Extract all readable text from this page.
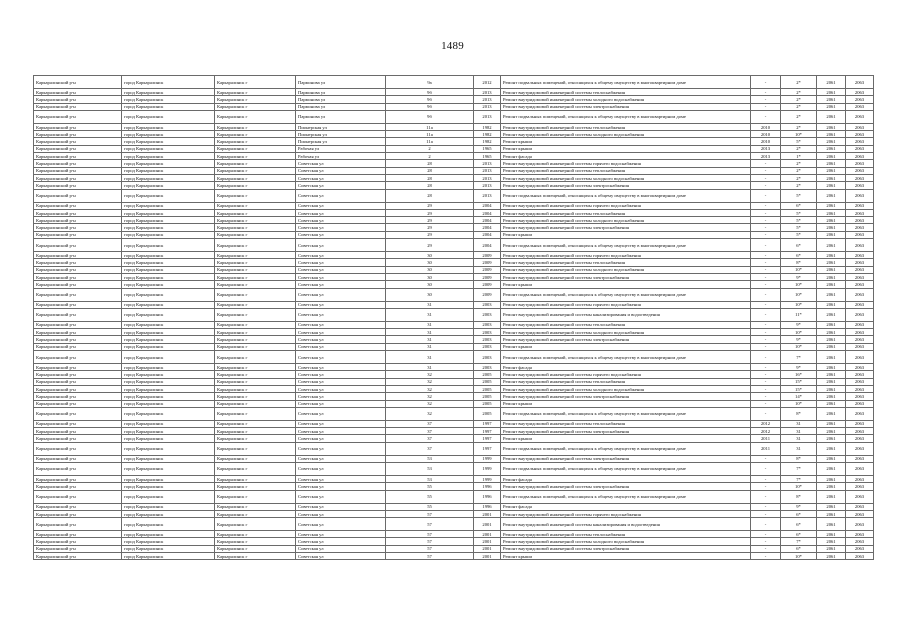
1489
Каркаралинский р-н	город Каркаралинск	Каркаралинск г	Пармонова ул	9а	2012	Ремонт подвальных помещений, относящихся к общему имуществу в многоквартирном доме	-	2*	2061	2063
Каркаралинский р-н	город Каркаралинск	Каркаралинск г	Пармонова ул	9б	2013	Ремонт внутридомовой инженерной системы теплоснабжения	-	2*	2061	2063
Каркаралинский р-н	город Каркаралинск	Каркаралинск г	Пармонова ул	9б	2013	Ремонт внутридомовой инженерной системы холодного водоснабжения	-	2*	2061	2063
Каркаралинский р-н	город Каркаралинск	Каркаралинск г	Пармонова ул	9б	2013	Ремонт внутридомовой инженерной системы электроснабжения	-	2*	2061	2063
Каркаралинский р-н	город Каркаралинск	Каркаралинск г	Пармонова ул	9б	2013	Ремонт подвальных помещений, относящихся к общему имуществу в многоквартирном доме	-	2*	2061	2063
Каркаралинский р-н	город Каркаралинск	Каркаралинск г	Пионерская ул	11а	1982	Ремонт внутридомовой инженерной системы теплоснабжения	2010	2*	2061	2063
Каркаралинский р-н	город Каркаралинск	Каркаралинск г	Пионерская ул	11а	1982	Ремонт внутридомовой инженерной системы холодного водоснабжения	2010	10*	2061	2063
Каркаралинский р-н	город Каркаралинск	Каркаралинск г	Пионерская ул	11а	1982	Ремонт крыши	2010	5*	2061	2063
Каркаралинский р-н	город Каркаралинск	Каркаралинск г	Рабочая ул	2	1965	Ремонт крыши	2013	2*	2061	2063
Каркаралинский р-н	город Каркаралинск	Каркаралинск г	Рабочая ул	2	1965	Ремонт фасада	2013	1*	2061	2063
Каркаралинский р-н	город Каркаралинск	Каркаралинск г	Советская ул	28	2013	Ремонт внутридомовой инженерной системы горячего водоснабжения	-	2*	2061	2063
Каркаралинский р-н	город Каркаралинск	Каркаралинск г	Советская ул	28	2013	Ремонт внутридомовой инженерной системы теплоснабжения	-	2*	2061	2063
Каркаралинский р-н	город Каркаралинск	Каркаралинск г	Советская ул	28	2013	Ремонт внутридомовой инженерной системы холодного водоснабжения	-	2*	2061	2063
Каркаралинский р-н	город Каркаралинск	Каркаралинск г	Советская ул	28	2013	Ремонт внутридомовой инженерной системы электроснабжения	-	2*	2061	2063
Каркаралинский р-н	город Каркаралинск	Каркаралинск г	Советская ул	28	2013	Ремонт подвальных помещений, относящихся к общему имуществу в многоквартирном доме	-	5*	2061	2063
Каркаралинский р-н	город Каркаралинск	Каркаралинск г	Советская ул	29	2004	Ремонт внутридомовой инженерной системы горячего водоснабжения	-	6*	2061	2063
Каркаралинский р-н	город Каркаралинск	Каркаралинск г	Советская ул	29	2004	Ремонт внутридомовой инженерной системы теплоснабжения	-	5*	2061	2063
Каркаралинский р-н	город Каркаралинск	Каркаралинск г	Советская ул	29	2004	Ремонт внутридомовой инженерной системы холодного водоснабжения	-	5*	2061	2063
Каркаралинский р-н	город Каркаралинск	Каркаралинск г	Советская ул	29	2004	Ремонт внутридомовой инженерной системы электроснабжения	-	5*	2061	2063
Каркаралинский р-н	город Каркаралинск	Каркаралинск г	Советская ул	29	2004	Ремонт крыши	-	5*	2061	2063
Каркаралинский р-н	город Каркаралинск	Каркаралинск г	Советская ул	29	2004	Ремонт подвальных помещений, относящихся к общему имуществу в многоквартирном доме	-	6*	2061	2063
Каркаралинский р-н	город Каркаралинск	Каркаралинск г	Советская ул	30	2009	Ремонт внутридомовой инженерной системы горячего водоснабжения	-	6*	2061	2063
Каркаралинский р-н	город Каркаралинск	Каркаралинск г	Советская ул	30	2009	Ремонт внутридомовой инженерной системы теплоснабжения	-	8*	2061	2063
Каркаралинский р-н	город Каркаралинск	Каркаралинск г	Советская ул	30	2009	Ремонт внутридомовой инженерной системы холодного водоснабжения	-	10*	2061	2063
Каркаралинский р-н	город Каркаралинск	Каркаралинск г	Советская ул	30	2009	Ремонт внутридомовой инженерной системы электроснабжения	-	9*	2061	2063
Каркаралинский р-н	город Каркаралинск	Каркаралинск г	Советская ул	30	2009	Ремонт крыши	-	10*	2061	2063
Каркаралинский р-н	город Каркаралинск	Каркаралинск г	Советская ул	30	2009	Ремонт подвальных помещений, относящихся к общему имуществу в многоквартирном доме	-	10*	2061	2063
Каркаралинский р-н	город Каркаралинск	Каркаралинск г	Советская ул	31	2003	Ремонт внутридомовой инженерной системы горячего водоснабжения	-	10*	2061	2063
Каркаралинский р-н	город Каркаралинск	Каркаралинск г	Советская ул	31	2003	Ремонт внутридомовой инженерной системы канализирования и водоотведения	-	11*	2061	2063
Каркаралинский р-н	город Каркаралинск	Каркаралинск г	Советская ул	31	2003	Ремонт внутридомовой инженерной системы теплоснабжения	-	9*	2061	2063
Каркаралинский р-н	город Каркаралинск	Каркаралинск г	Советская ул	31	2003	Ремонт внутридомовой инженерной системы холодного водоснабжения	-	10*	2061	2063
Каркаралинский р-н	город Каркаралинск	Каркаралинск г	Советская ул	31	2003	Ремонт внутридомовой инженерной системы электроснабжения	-	9*	2061	2063
Каркаралинский р-н	город Каркаралинск	Каркаралинск г	Советская ул	31	2003	Ремонт крыши	-	10*	2061	2063
Каркаралинский р-н	город Каркаралинск	Каркаралинск г	Советская ул	31	2003	Ремонт подвальных помещений, относящихся к общему имуществу в многоквартирном доме	-	7*	2061	2063
Каркаралинский р-н	город Каркаралинск	Каркаралинск г	Советская ул	31	2003	Ремонт фасада	-	9*	2061	2063
Каркаралинский р-н	город Каркаралинск	Каркаралинск г	Советская ул	32	2005	Ремонт внутридомовой инженерной системы горячего водоснабжения	-	16*	2061	2063
Каркаралинский р-н	город Каркаралинск	Каркаралинск г	Советская ул	32	2005	Ремонт внутридомовой инженерной системы теплоснабжения	-	15*	2061	2063
Каркаралинский р-н	город Каркаралинск	Каркаралинск г	Советская ул	32	2005	Ремонт внутридомовой инженерной системы холодного водоснабжения	-	15*	2061	2063
Каркаралинский р-н	город Каркаралинск	Каркаралинск г	Советская ул	32	2005	Ремонт внутридомовой инженерной системы электроснабжения	-	14*	2061	2063
Каркаралинский р-н	город Каркаралинск	Каркаралинск г	Советская ул	32	2005	Ремонт крыши	-	10*	2061	2063
Каркаралинский р-н	город Каркаралинск	Каркаралинск г	Советская ул	32	2005	Ремонт подвальных помещений, относящихся к общему имуществу в многоквартирном доме	-	8*	2061	2063
Каркаралинский р-н	город Каркаралинск	Каркаралинск г	Советская ул	37	1997	Ремонт внутридомовой инженерной системы теплоснабжения	2012	31	2061	2063
Каркаралинский р-н	город Каркаралинск	Каркаралинск г	Советская ул	37	1997	Ремонт внутридомовой инженерной системы электроснабжения	2012	31	2061	2063
Каркаралинский р-н	город Каркаралинск	Каркаралинск г	Советская ул	37	1997	Ремонт крыши	2011	31	2061	2063
Каркаралинский р-н	город Каркаралинск	Каркаралинск г	Советская ул	37	1997	Ремонт подвальных помещений, относящихся к общему имуществу в многоквартирном доме	2011	31	2061	2063
Каркаралинский р-н	город Каркаралинск	Каркаралинск г	Советская ул	53	1999	Ремонт внутридомовой инженерной системы электроснабжения	-	8*	2061	2063
Каркаралинский р-н	город Каркаралинск	Каркаралинск г	Советская ул	53	1999	Ремонт подвальных помещений, относящихся к общему имуществу в многоквартирном доме	-	7*	2061	2063
Каркаралинский р-н	город Каркаралинск	Каркаралинск г	Советская ул	53	1999	Ремонт фасада	-	7*	2061	2063
Каркаралинский р-н	город Каркаралинск	Каркаралинск г	Советская ул	55	1996	Ремонт внутридомовой инженерной системы электроснабжения	-	10*	2061	2063
Каркаралинский р-н	город Каркаралинск	Каркаралинск г	Советская ул	55	1996	Ремонт подвальных помещений, относящихся к общему имуществу в многоквартирном доме	-	8*	2061	2063
Каркаралинский р-н	город Каркаралинск	Каркаралинск г	Советская ул	55	1996	Ремонт фасада	-	9*	2061	2063
Каркаралинский р-н	город Каркаралинск	Каркаралинск г	Советская ул	57	2001	Ремонт внутридомовой инженерной системы горячего водоснабжения	-	6*	2061	2063
Каркаралинский р-н	город Каркаралинск	Каркаралинск г	Советская ул	57	2001	Ремонт внутридомовой инженерной системы канализирования и водоотведения	-	6*	2061	2063
Каркаралинский р-н	город Каркаралинск	Каркаралинск г	Советская ул	57	2001	Ремонт внутридомовой инженерной системы теплоснабжения	-	6*	2061	2063
Каркаралинский р-н	город Каркаралинск	Каркаралинск г	Советская ул	57	2001	Ремонт внутридомовой инженерной системы холодного водоснабжения	-	7*	2061	2063
Каркаралинский р-н	город Каркаралинск	Каркаралинск г	Советская ул	57	2001	Ремонт внутридомовой инженерной системы электроснабжения	-	6*	2061	2063
Каркаралинский р-н	город Каркаралинск	Каркаралинск г	Советская ул	57	2001	Ремонт крыши	-	10*	2061	2063
